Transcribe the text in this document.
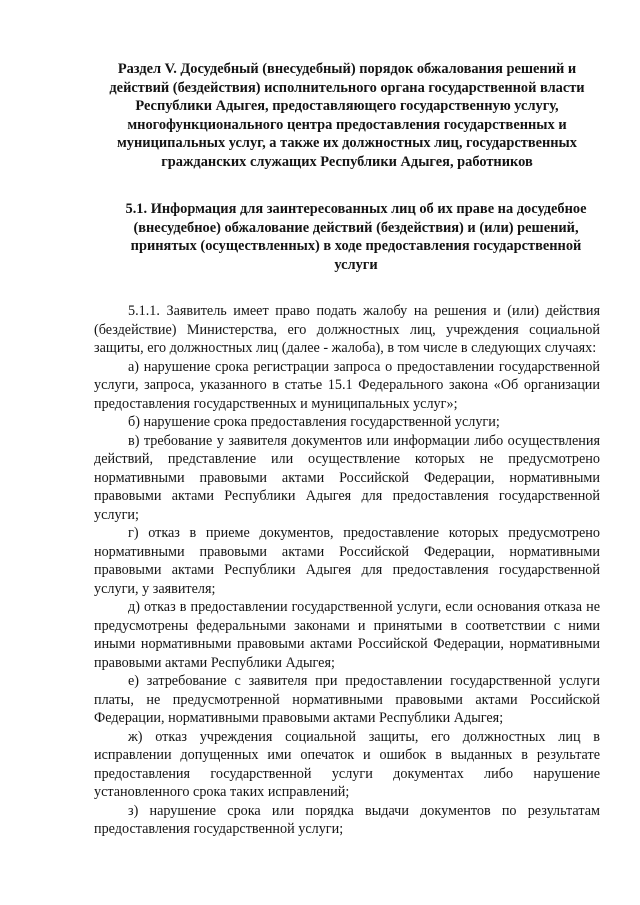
Раздел V. Досудебный (внесудебный) порядок обжалования решений и действий (бездействия) исполнительного органа государственной власти Республики Адыгея, предоставляющего государственную услугу, многофункционального центра предоставления государственных и муниципальных услуг, а также их должностных лиц, государственных гражданских служащих Республики Адыгея, работников

5.1. Информация для заинтересованных лиц об их праве на досудебное (внесудебное) обжалование действий (бездействия) и (или) решений, принятых (осуществленных) в ходе предоставления государственной услуги

5.1.1. Заявитель имеет право подать жалобу на решения и (или) действия (бездействие) Министерства, его должностных лиц, учреждения социальной защиты, его должностных лиц (далее - жалоба), в том числе в следующих случаях:

а) нарушение срока регистрации запроса о предоставлении государственной услуги, запроса, указанного в статье 15.1 Федерального закона «Об организации предоставления государственных и муниципальных услуг»;

б) нарушение срока предоставления государственной услуги;

в) требование у заявителя документов или информации либо осуществления действий, представление или осуществление которых не предусмотрено нормативными правовыми актами Российской Федерации, нормативными правовыми актами Республики Адыгея для предоставления государственной услуги;

г) отказ в приеме документов, предоставление которых предусмотрено нормативными правовыми актами Российской Федерации, нормативными правовыми актами Республики Адыгея для предоставления государственной услуги, у заявителя;

д) отказ в предоставлении государственной услуги, если основания отказа не предусмотрены федеральными законами и принятыми в соответствии с ними иными нормативными правовыми актами Российской Федерации, нормативными правовыми актами Республики Адыгея;

е) затребование с заявителя при предоставлении государственной услуги платы, не предусмотренной нормативными правовыми актами Российской Федерации, нормативными правовыми актами Республики Адыгея;

ж) отказ учреждения социальной защиты, его должностных лиц в исправлении допущенных ими опечаток и ошибок в выданных в результате предоставления государственной услуги документах либо нарушение установленного срока таких исправлений;

з) нарушение срока или порядка выдачи документов по результатам предоставления государственной услуги;
